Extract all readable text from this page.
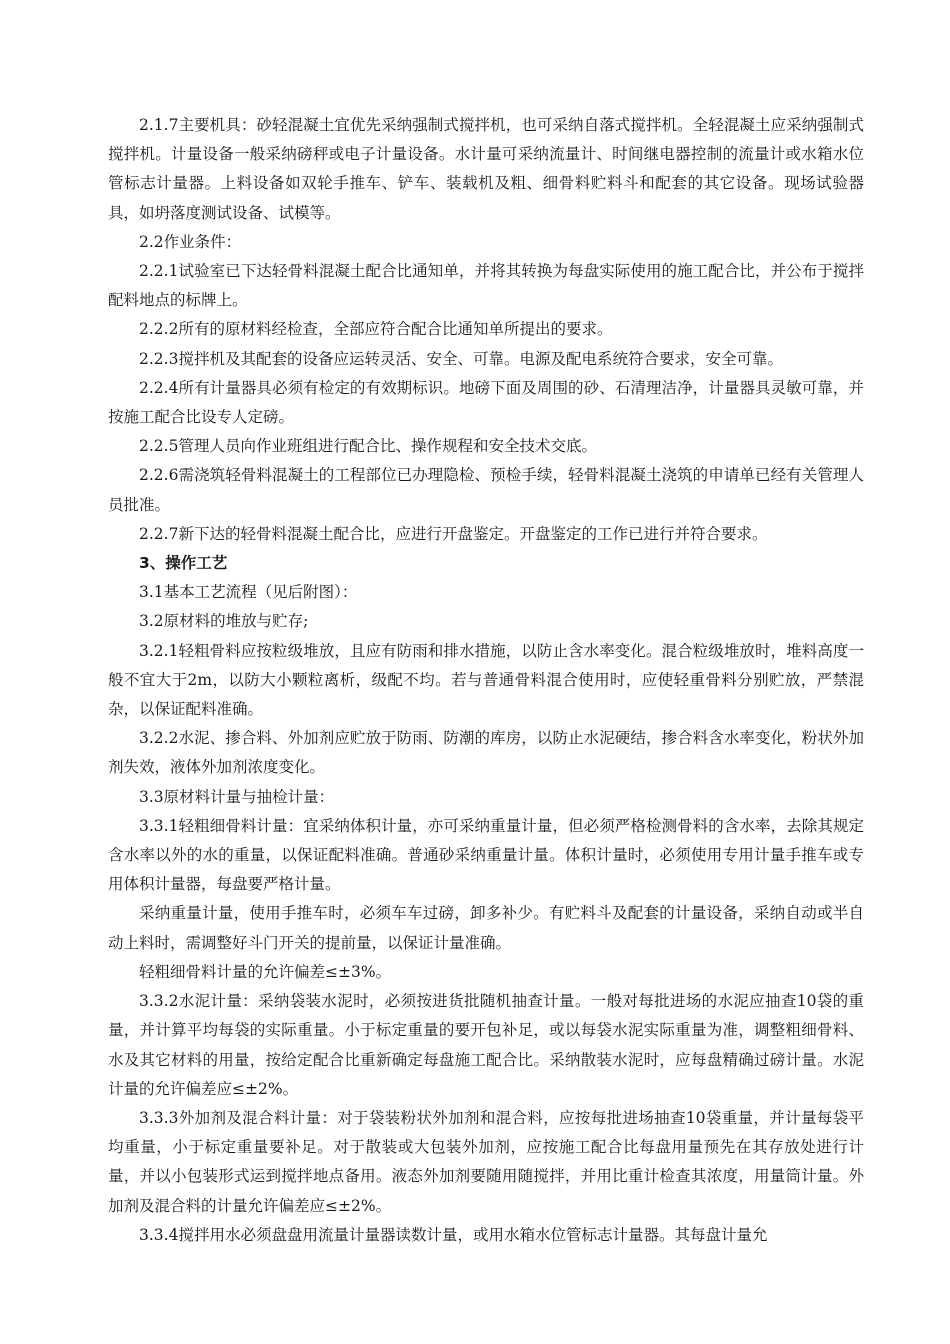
2.1.7主要机具：砂轻混凝土宜优先采纳强制式搅拌机，也可采纳自落式搅拌机。全轻混凝土应采纳强制式搅拌机。计量设备一般采纳磅秤或电子计量设备。水计量可采纳流量计、时间继电器控制的流量计或水箱水位管标志计量器。上料设备如双轮手推车、铲车、装载机及粗、细骨料贮料斗和配套的其它设备。现场试验器具，如坍落度测试设备、试模等。

2.2作业条件：

2.2.1试验室已下达轻骨料混凝土配合比通知单，并将其转换为每盘实际使用的施工配合比，并公布于搅拌配料地点的标牌上。

2.2.2所有的原材料经检查，全部应符合配合比通知单所提出的要求。

2.2.3搅拌机及其配套的设备应运转灵活、安全、可靠。电源及配电系统符合要求，安全可靠。

2.2.4所有计量器具必须有检定的有效期标识。地磅下面及周围的砂、石清理洁净，计量器具灵敏可靠，并按施工配合比设专人定磅。

2.2.5管理人员向作业班组进行配合比、操作规程和安全技术交底。

2.2.6需浇筑轻骨料混凝土的工程部位已办理隐检、预检手续，轻骨料混凝土浇筑的申请单已经有关管理人员批准。

2.2.7新下达的轻骨料混凝土配合比，应进行开盘鉴定。开盘鉴定的工作已进行并符合要求。

3、操作工艺

3.1基本工艺流程（见后附图）：

3.2原材料的堆放与贮存;

3.2.1轻粗骨料应按粒级堆放，且应有防雨和排水措施，以防止含水率变化。混合粒级堆放时，堆料高度一般不宜大于2m，以防大小颗粒离析，级配不均。若与普通骨料混合使用时，应使轻重骨料分别贮放，严禁混杂，以保证配料准确。

3.2.2水泥、掺合料、外加剂应贮放于防雨、防潮的库房，以防止水泥硬结，掺合料含水率变化，粉状外加剂失效，液体外加剂浓度变化。

3.3原材料计量与抽检计量：

3.3.1轻粗细骨料计量：宜采纳体积计量，亦可采纳重量计量，但必须严格检测骨料的含水率，去除其规定含水率以外的水的重量，以保证配料准确。普通砂采纳重量计量。体积计量时，必须使用专用计量手推车或专用体积计量器，每盘要严格计量。

采纳重量计量，使用手推车时，必须车车过磅，卸多补少。有贮料斗及配套的计量设备，采纳自动或半自动上料时，需调整好斗门开关的提前量，以保证计量准确。

轻粗细骨料计量的允许偏差≤±3%。

3.3.2水泥计量：采纳袋装水泥时，必须按进货批随机抽查计量。一般对每批进场的水泥应抽查10袋的重量，并计算平均每袋的实际重量。小于标定重量的要开包补足，或以每袋水泥实际重量为准，调整粗细骨料、水及其它材料的用量，按给定配合比重新确定每盘施工配合比。采纳散装水泥时，应每盘精确过磅计量。水泥计量的允许偏差应≤±2%。

3.3.3外加剂及混合料计量：对于袋装粉状外加剂和混合料，应按每批进场抽查10袋重量，并计量每袋平均重量，小于标定重量要补足。对于散装或大包装外加剂，应按施工配合比每盘用量预先在其存放处进行计量，并以小包装形式运到搅拌地点备用。液态外加剂要随用随搅拌，并用比重计检查其浓度，用量筒计量。外加剂及混合料的计量允许偏差应≤±2%。

3.3.4搅拌用水必须盘盘用流量计量器读数计量，或用水箱水位管标志计量器。其每盘计量允
